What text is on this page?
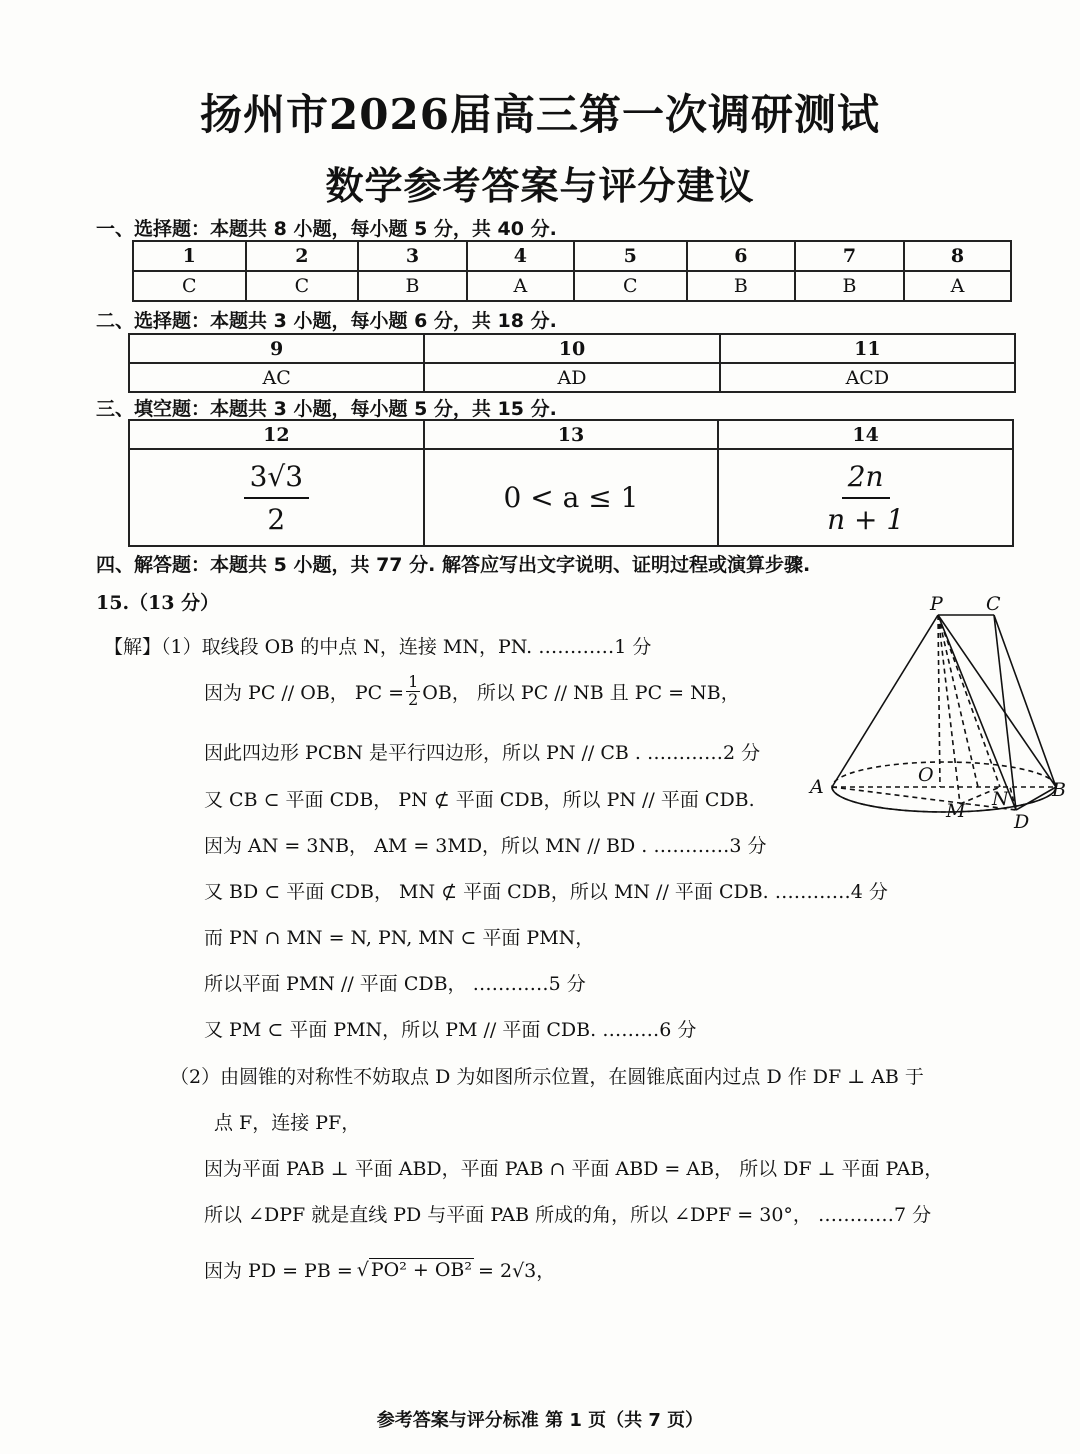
扬州市2026届高三第一次调研测试
数学参考答案与评分建议
一、选择题：本题共 8 小题，每小题 5 分，共 40 分.
1	2	3	4	5	6	7	8
C	C	B	A	C	B	B	A
二、选择题：本题共 3 小题，每小题 6 分，共 18 分.
9	10	11
AC	AD	ACD
三、填空题：本题共 3 小题，每小题 5 分，共 15 分.
12	13	14

$\frac{3√3}{2}$	0 < a ≤ 1	$\frac{2n}{n + 1}$
四、解答题：本题共 5 小题，共 77 分. 解答应写出文字说明、证明过程或演算步骤.
15.（13 分）
【解】（1）取线段 OB 的中点 N，连接 MN，PN. …………1 分
因为 PC // OB， PC = $\frac{1}{2}$ OB， 所以 PC // NB 且 PC = NB，
因此四边形 PCBN 是平行四边形，所以 PN // CB . …………2 分
又 CB ⊂ 平面 CDB， PN ⊄ 平面 CDB，所以 PN // 平面 CDB.
因为 AN = 3NB， AM = 3MD，所以 MN // BD . …………3 分
又 BD ⊂ 平面 CDB， MN ⊄ 平面 CDB，所以 MN // 平面 CDB. …………4 分
而 PN ∩ MN = N, PN, MN ⊂ 平面 PMN，
所以平面 PMN // 平面 CDB， …………5 分
又 PM ⊂ 平面 PMN，所以 PM // 平面 CDB. ………6 分
（2）由圆锥的对称性不妨取点 D 为如图所示位置，在圆锥底面内过点 D 作 DF ⊥ AB 于
点 F，连接 PF，
因为平面 PAB ⊥ 平面 ABD，平面 PAB ∩ 平面 ABD = AB， 所以 DF ⊥ 平面 PAB，
所以 ∠DPF 就是直线 PD 与平面 PAB 所成的角，所以 ∠DPF = 30°， …………7 分
因为 PD = PB = √ PO² + OB² = 2√3，
P C
A	B
O
M
N
D
参考答案与评分标准 第 1 页（共 7 页）
